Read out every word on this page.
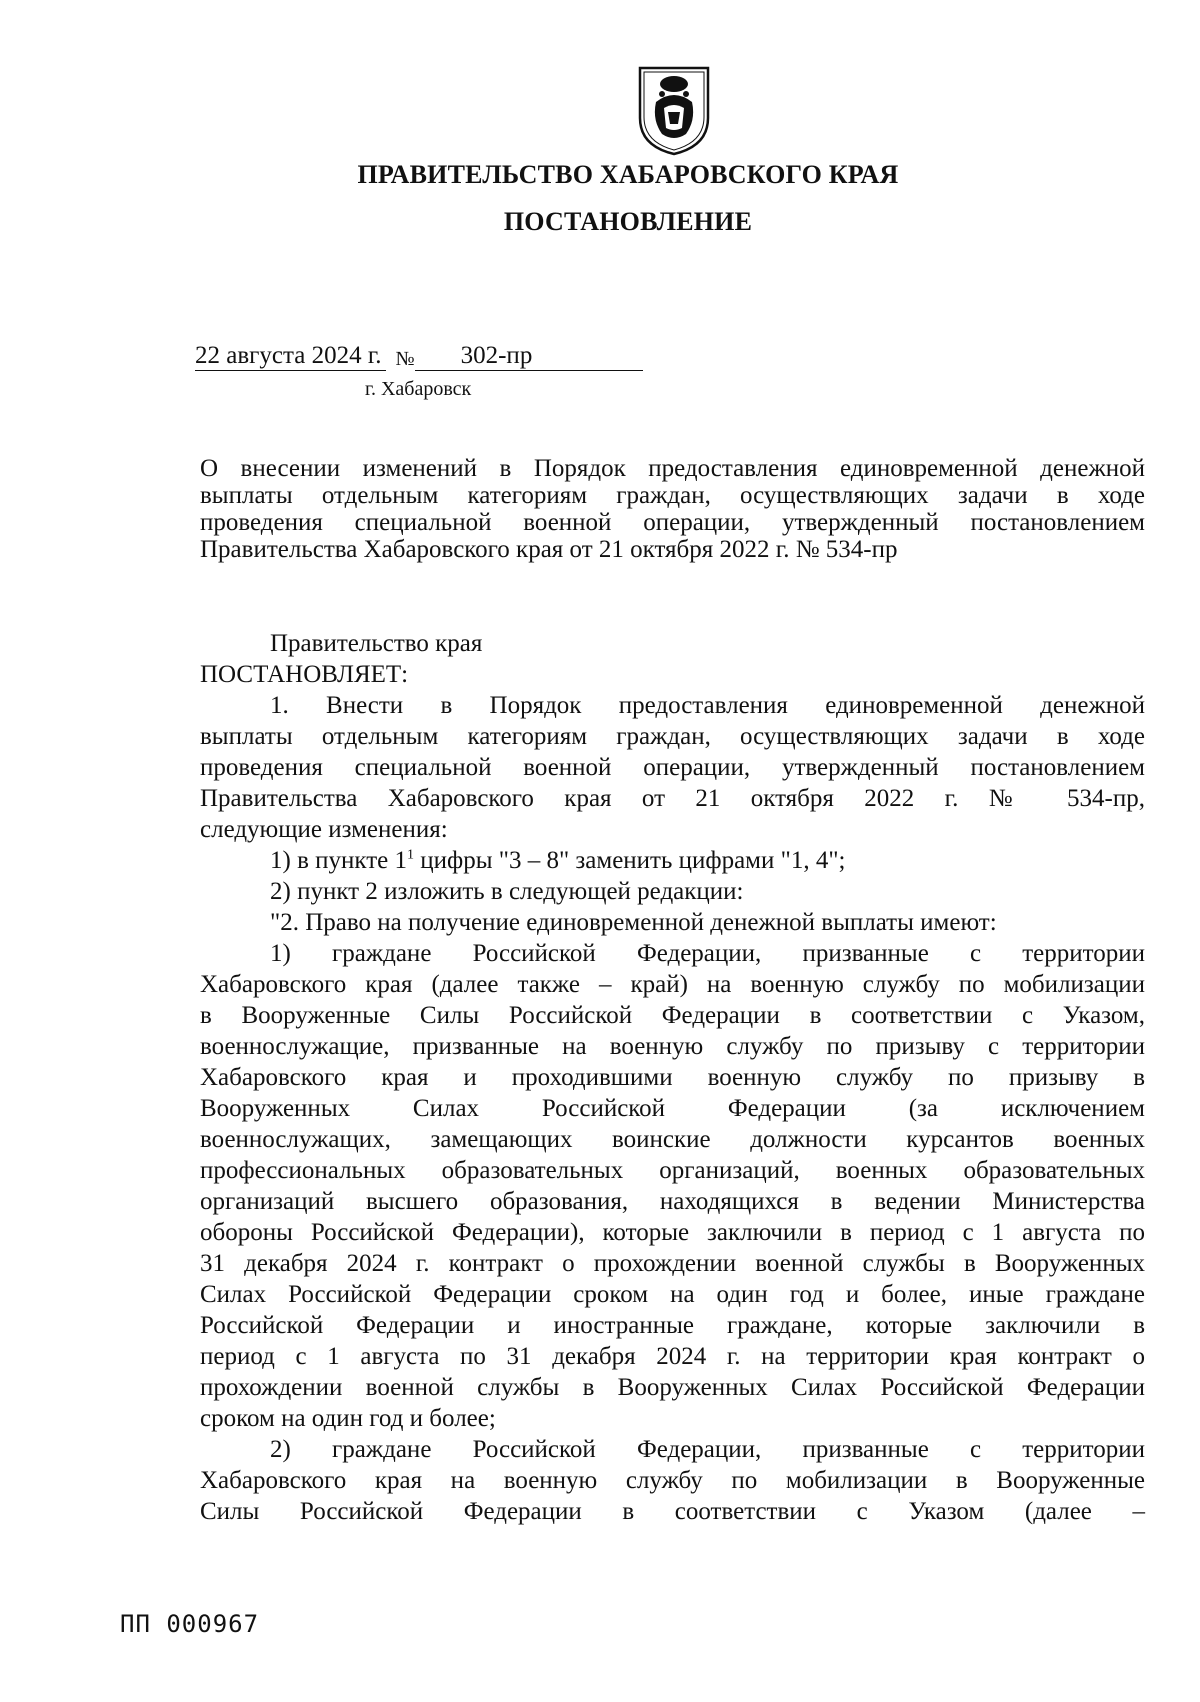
ПРАВИТЕЛЬСТВО ХАБАРОВСКОГО КРАЯ
ПОСТАНОВЛЕНИЕ
22 августа 2024 г. № 302-пр
г. Хабаровск
О внесении изменений в Порядок предоставления единовременной денежной
выплаты отдельным категориям граждан, осуществляющих задачи в ходе
проведения специальной военной операции, утвержденный постановлением
Правительства Хабаровского края от 21 октября 2022 г. № 534-пр
Правительство края
ПОСТАНОВЛЯЕТ:
1. Внести в Порядок предоставления единовременной денежной
выплаты отдельным категориям граждан, осуществляющих задачи в ходе
проведения специальной военной операции, утвержденный постановлением
Правительства Хабаровского края от 21 октября 2022 г. № 534-пр,
следующие изменения:
1) в пункте $1^1$ цифры "3 – 8" заменить цифрами "1, 4";
2) пункт 2 изложить в следующей редакции:
"2. Право на получение единовременной денежной выплаты имеют:
1) граждане Российской Федерации, призванные с территории
Хабаровского края (далее также – край) на военную службу по мобилизации
в Вооруженные Силы Российской Федерации в соответствии с Указом,
военнослужащие, призванные на военную службу по призыву с территории
Хабаровского края и проходившими военную службу по призыву в
Вооруженных Силах Российской Федерации (за исключением
военнослужащих, замещающих воинские должности курсантов военных
профессиональных образовательных организаций, военных образовательных
организаций высшего образования, находящихся в ведении Министерства
обороны Российской Федерации), которые заключили в период с 1 августа по
31 декабря 2024 г. контракт о прохождении военной службы в Вооруженных
Силах Российской Федерации сроком на один год и более, иные граждане
Российской Федерации и иностранные граждане, которые заключили в
период с 1 августа по 31 декабря 2024 г. на территории края контракт о
прохождении военной службы в Вооруженных Силах Российской Федерации
сроком на один год и более;
2) граждане Российской Федерации, призванные с территории
Хабаровского края на военную службу по мобилизации в Вооруженные
Силы Российской Федерации в соответствии с Указом (далее –
ПП 000967
